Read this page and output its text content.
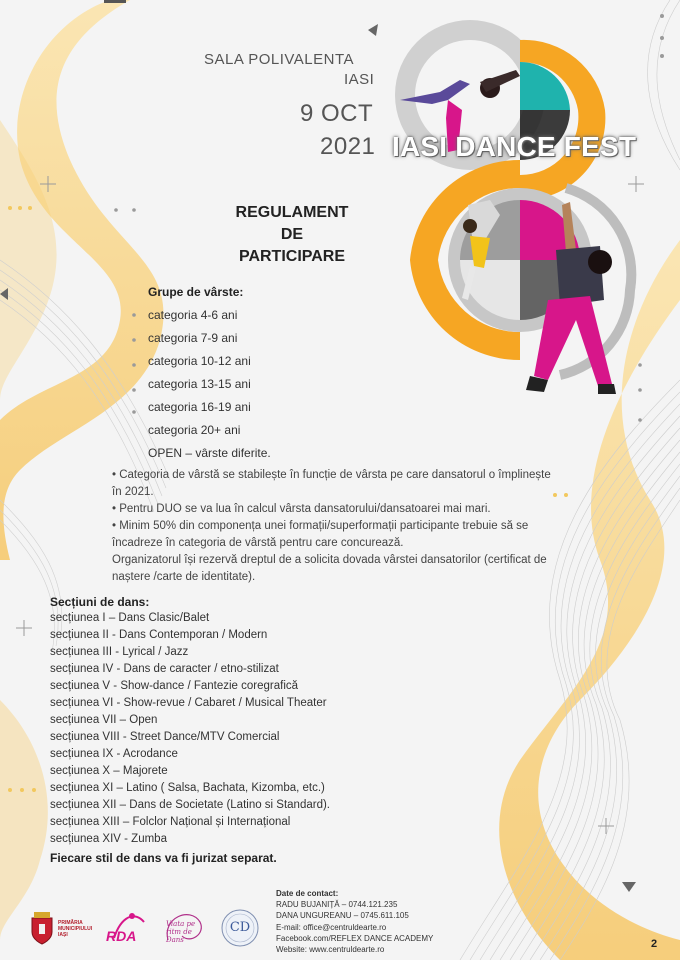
SALA POLIVALENTA

IASI
9 OCT
2021 IASI DANCE FEST
REGULAMENT
DE
PARTICIPARE
Grupe de vârste:
categoria 4-6 ani
categoria 7-9 ani
categoria 10-12 ani
categoria 13-15 ani
categoria 16-19 ani
categoria 20+ ani
OPEN – vârste diferite.

• Categoria de vârstă se stabilește în funcție de vârsta pe care dansatorul o împlinește în 2021.

• Pentru DUO se va lua în calcul vârsta dansatorului/dansatoarei mai mari.

• Minim 50% din componența unei formații/superformații participante trebuie să se încadreze în categoria de vârstă pentru care concurează.

Organizatorul își rezervă dreptul de a solicita dovada vârstei dansatorilor (certificat de naștere /carte de identitate).

Secțiuni de dans:
secțiunea I – Dans Clasic/Balet
secțiunea II - Dans Contemporan / Modern
secțiunea III - Lyrical / Jazz
secțiunea IV - Dans de caracter / etno-stilizat
secțiunea V - Show-dance / Fantezie coregrafică
secțiunea VI - Show-revue / Cabaret / Musical Theater
secțiunea VII – Open
secțiunea VIII - Street Dance/MTV Comercial
secțiunea IX - Acrodance
secțiunea X – Majorete
secțiunea XI – Latino ( Salsa, Bachata, Kizomba, etc.)
secțiunea XII – Dans de Societate (Latino si Standard).
secțiunea XIII – Folclor Național și Internațional
secțiunea XIV - Zumba
Fiecare stil de dans va fi jurizat separat.
PRIMĂRIA MUNICIPIULUI IAȘI	RDA
Viata pe ritm de Dans
CD
Date de contact:
RADU BUJANIȚĂ – 0744.121.235
DANA UNGUREANU – 0745.611.105
E-mail: office@centruldearte.ro
Facebook.com/REFLEX DANCE ACADEMY
Website: www.centruldearte.ro	2
